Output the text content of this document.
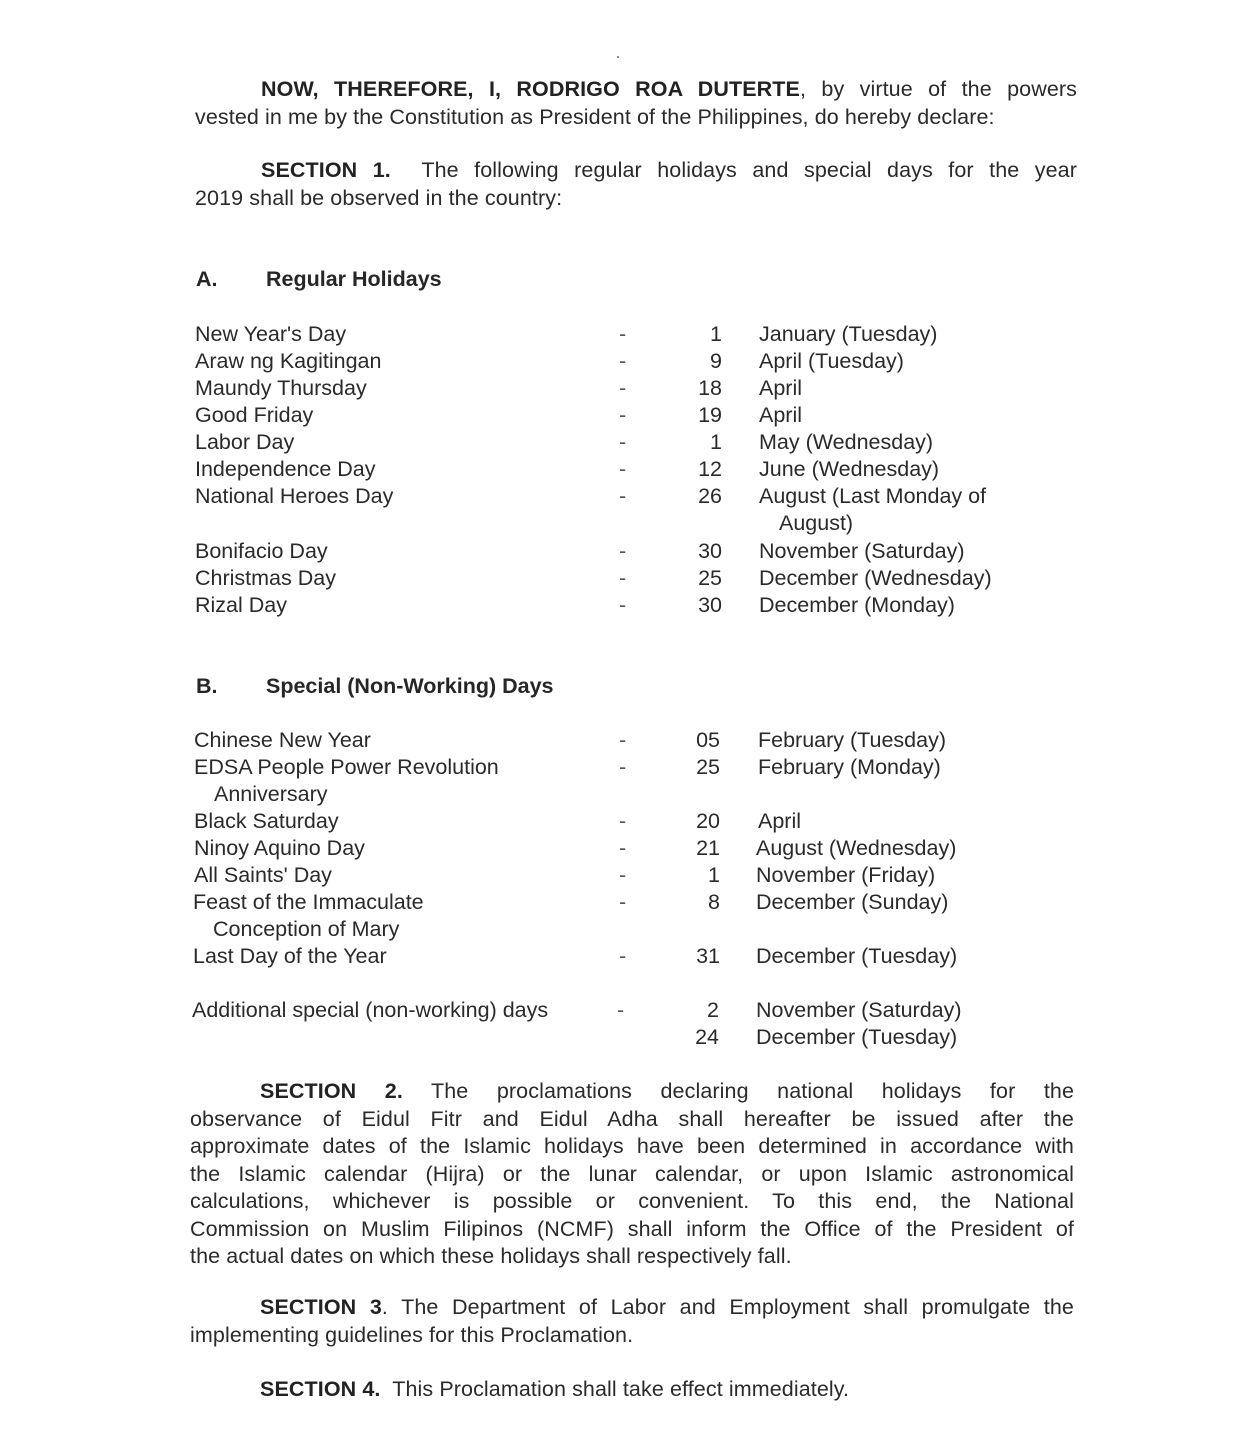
NOW, THEREFORE, I, RODRIGO ROA DUTERTE, by virtue of the powers
vested in me by the Constitution as President of the Philippines, do hereby declare:
SECTION 1. The following regular holidays and special days for the year
2019 shall be observed in the country:
A. Regular Holidays
New Year's Day	-	1 January (Tuesday)
Araw ng Kagitingan	-	9 April (Tuesday)
Maundy Thursday	-	18 April
Good Friday	-	19 April
Labor Day	-	1 May (Wednesday)
Independence Day	-	12 June (Wednesday)
National Heroes Day	-	26 August (Last Monday of
August)
Bonifacio Day	-	30 November (Saturday)
Christmas Day	-	25 December (Wednesday)
Rizal Day	-	30 December (Monday)
B. Special (Non-Working) Days
Chinese New Year	-	05 February (Tuesday)
EDSA People Power Revolution	-	25 February (Monday)
Anniversary
Black Saturday	-	20 April
Ninoy Aquino Day	-	21 August (Wednesday)
All Saints' Day	-	1 November (Friday)
Feast of the Immaculate	-	8 December (Sunday)
Conception of Mary
Last Day of the Year	-	31 December (Tuesday)
Additional special (non-working) days	-	2 November (Saturday)
24 December (Tuesday)
SECTION 2. The proclamations declaring national holidays for the
observance of Eidul Fitr and Eidul Adha shall hereafter be issued after the
approximate dates of the Islamic holidays have been determined in accordance with
the Islamic calendar (Hijra) or the lunar calendar, or upon Islamic astronomical
calculations, whichever is possible or convenient. To this end, the National
Commission on Muslim Filipinos (NCMF) shall inform the Office of the President of
the actual dates on which these holidays shall respectively fall.
SECTION 3. The Department of Labor and Employment shall promulgate the
implementing guidelines for this Proclamation.
SECTION 4. This Proclamation shall take effect immediately.
